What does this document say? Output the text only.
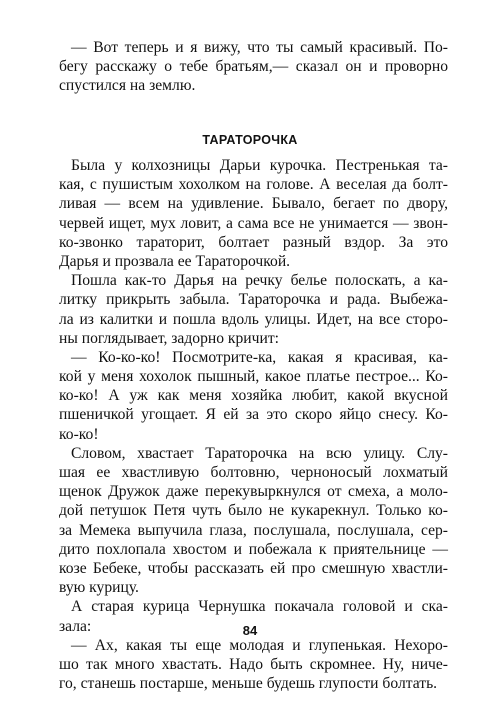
— Вот теперь и я вижу, что ты самый красивый. По-
бегу расскажу о тебе братьям,— сказал он и проворно
спустился на землю.
ТАРАТОРОЧКА
Была у колхозницы Дарьи курочка. Пестренькая та-
кая, с пушистым хохолком на голове. А веселая да болт-
ливая — всем на удивление. Бывало, бегает по двору,
червей ищет, мух ловит, а сама все не унимается — звон-
ко-звонко тараторит, болтает разный вздор. За это
Дарья и прозвала ее Тараторочкой.
Пошла как-то Дарья на речку белье полоскать, а ка-
литку прикрыть забыла. Тараторочка и рада. Выбежа-
ла из калитки и пошла вдоль улицы. Идет, на все сторо-
ны поглядывает, задорно кричит:
— Ко-ко-ко! Посмотрите-ка, какая я красивая, ка-
кой у меня хохолок пышный, какое платье пестрое... Ко-
ко-ко! А уж как меня хозяйка любит, какой вкусной
пшеничкой угощает. Я ей за это скоро яйцо снесу. Ко-
ко-ко!
Словом, хвастает Тараторочка на всю улицу. Слу-
шая ее хвастливую болтовню, черноносый лохматый
щенок Дружок даже перекувыркнулся от смеха, а моло-
дой петушок Петя чуть было не кукарекнул. Только ко-
за Мемека выпучила глаза, послушала, послушала, сер-
дито похлопала хвостом и побежала к приятельнице —
козе Бебеке, чтобы рассказать ей про смешную хвастли-
вую курицу.
А старая курица Чернушка покачала головой и ска-
зала:
— Ах, какая ты еще молодая и глупенькая. Нехоро-
шо так много хвастать. Надо быть скромнее. Ну, ниче-
го, станешь постарше, меньше будешь глупости болтать.
84
